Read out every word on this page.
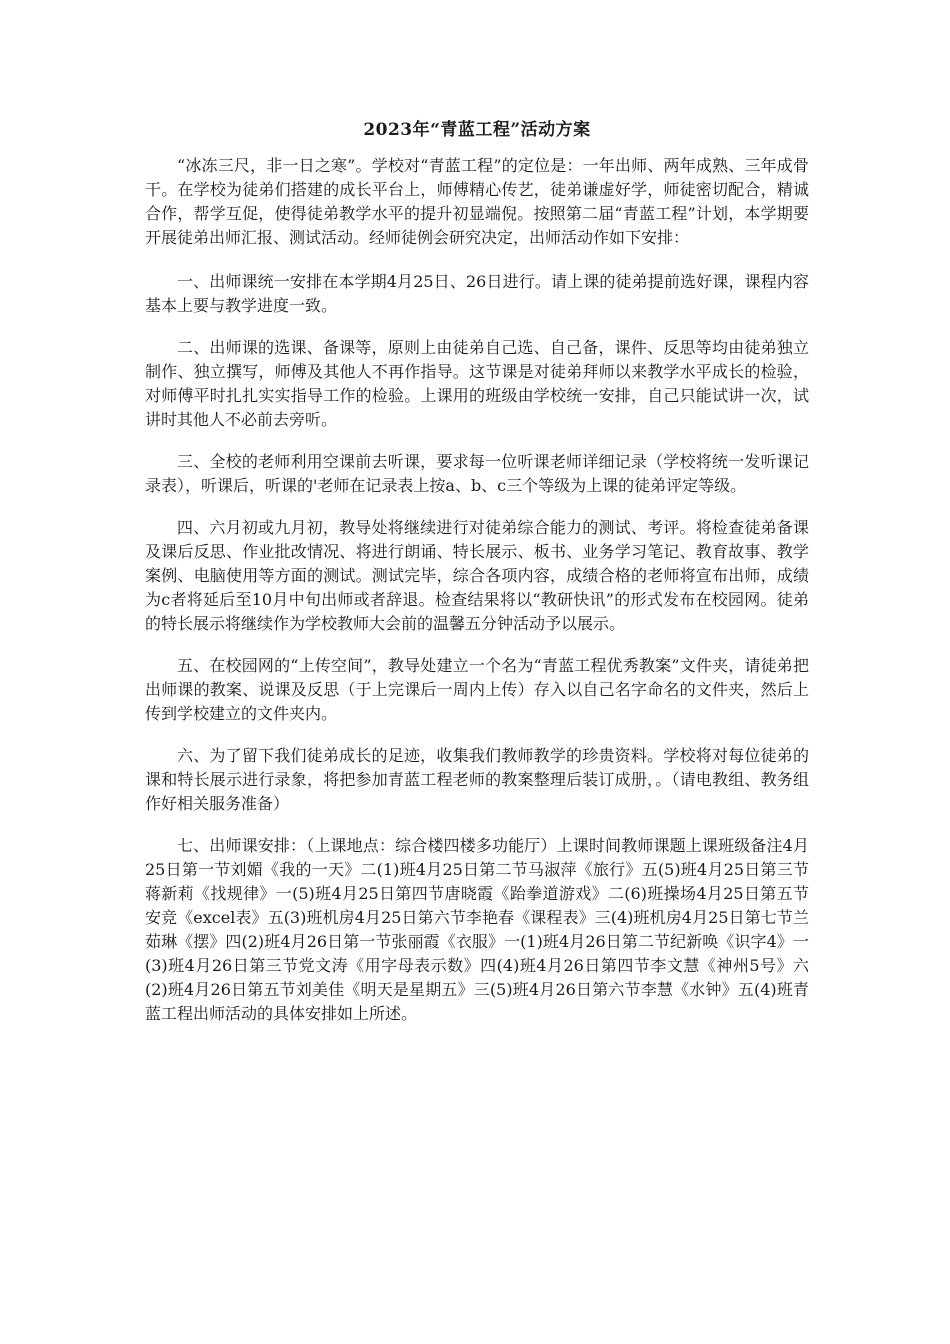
2023年“青蓝工程”活动方案

“冰冻三尺，非一日之寒”。学校对“青蓝工程”的定位是：一年出师、两年成熟、三年成骨干。在学校为徒弟们搭建的成长平台上，师傅精心传艺，徒弟谦虚好学，师徒密切配合，精诚合作，帮学互促，使得徒弟教学水平的提升初显端倪。按照第二届“青蓝工程”计划，本学期要开展徒弟出师汇报、测试活动。经师徒例会研究决定，出师活动作如下安排：

一、出师课统一安排在本学期4月25日、26日进行。请上课的徒弟提前选好课，课程内容基本上要与教学进度一致。

二、出师课的选课、备课等，原则上由徒弟自己选、自己备，课件、反思等均由徒弟独立制作、独立撰写，师傅及其他人不再作指导。这节课是对徒弟拜师以来教学水平成长的检验，对师傅平时扎扎实实指导工作的检验。上课用的班级由学校统一安排，自己只能试讲一次，试讲时其他人不必前去旁听。

三、全校的老师利用空课前去听课，要求每一位听课老师详细记录（学校将统一发听课记录表），听课后，听课的'老师在记录表上按a、b、c三个等级为上课的徒弟评定等级。

四、六月初或九月初，教导处将继续进行对徒弟综合能力的测试、考评。将检查徒弟备课及课后反思、作业批改情况、将进行朗诵、特长展示、板书、业务学习笔记、教育故事、教学案例、电脑使用等方面的测试。测试完毕，综合各项内容，成绩合格的老师将宣布出师，成绩为c者将延后至10月中旬出师或者辞退。检查结果将以“教研快讯”的形式发布在校园网。徒弟的特长展示将继续作为学校教师大会前的温馨五分钟活动予以展示。

五、在校园网的“上传空间”，教导处建立一个名为“青蓝工程优秀教案”文件夹，请徒弟把出师课的教案、说课及反思（于上完课后一周内上传）存入以自己名字命名的文件夹，然后上传到学校建立的文件夹内。

六、为了留下我们徒弟成长的足迹，收集我们教师教学的珍贵资料。学校将对每位徒弟的课和特长展示进行录象，将把参加青蓝工程老师的教案整理后装订成册，。（请电教组、教务组作好相关服务准备）

七、出师课安排：（上课地点：综合楼四楼多功能厅）上课时间教师课题上课班级备注4月25日第一节刘媚《我的一天》二(1)班4月25日第二节马淑萍《旅行》五(5)班4月25日第三节蒋新莉《找规律》一(5)班4月25日第四节唐晓霞《跆拳道游戏》二(6)班操场4月25日第五节安竞《excel表》五(3)班机房4月25日第六节李艳春《课程表》三(4)班机房4月25日第七节兰茹琳《摆》四(2)班4月26日第一节张丽霞《衣服》一(1)班4月26日第二节纪新唤《识字4》一(3)班4月26日第三节党文涛《用字母表示数》四(4)班4月26日第四节李文慧《神州5号》六(2)班4月26日第五节刘美佳《明天是星期五》三(5)班4月26日第六节李慧《水钟》五(4)班青蓝工程出师活动的具体安排如上所述。
